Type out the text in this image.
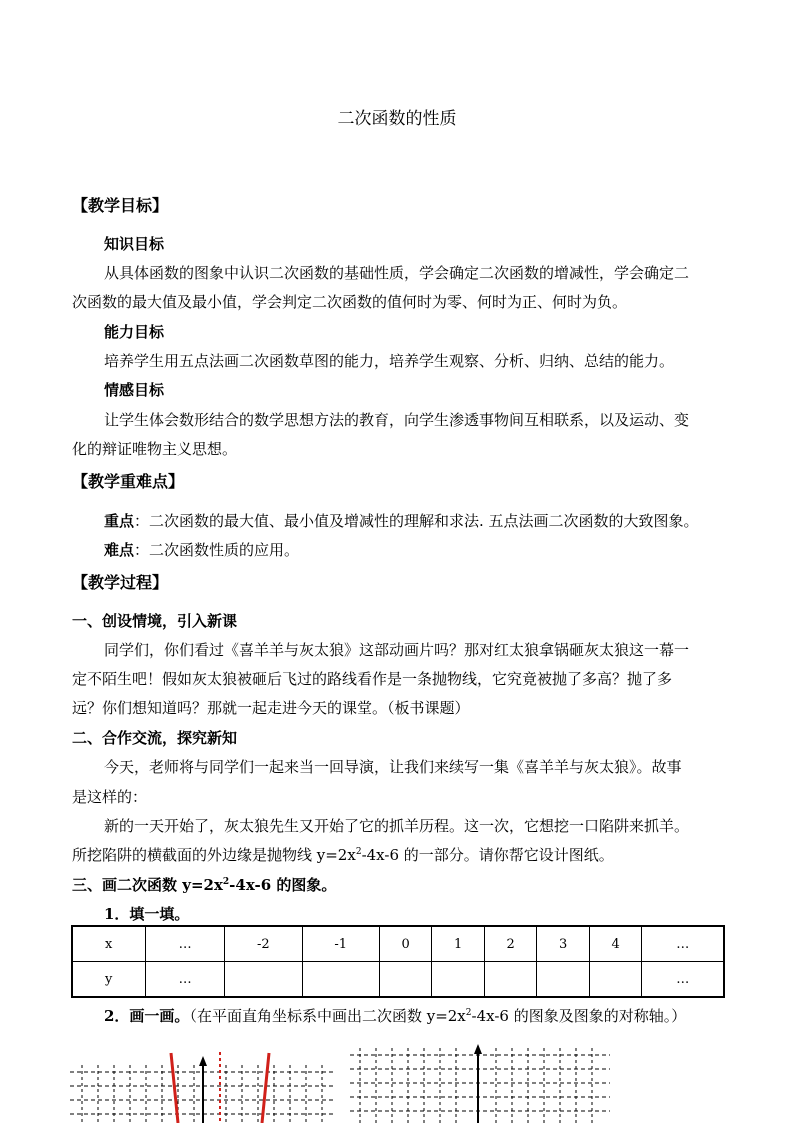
二次函数的性质
【教学目标】
知识目标
从具体函数的图象中认识二次函数的基础性质，学会确定二次函数的增减性，学会确定二
次函数的最大值及最小值，学会判定二次函数的值何时为零、何时为正、何时为负。
能力目标
培养学生用五点法画二次函数草图的能力，培养学生观察、分析、归纳、总结的能力。
情感目标
让学生体会数形结合的数学思想方法的教育，向学生渗透事物间互相联系，以及运动、变
化的辩证唯物主义思想。
【教学重难点】
重点：二次函数的最大值、最小值及增减性的理解和求法. 五点法画二次函数的大致图象。
难点：二次函数性质的应用。
【教学过程】
一、创设情境，引入新课
同学们，你们看过《喜羊羊与灰太狼》这部动画片吗？那对红太狼拿锅砸灰太狼这一幕一
定不陌生吧！假如灰太狼被砸后飞过的路线看作是一条抛物线，它究竟被抛了多高？抛了多
远？你们想知道吗？那就一起走进今天的课堂。（板书课题）
二、合作交流，探究新知
今天，老师将与同学们一起来当一回导演，让我们来续写一集《喜羊羊与灰太狼》。故事
是这样的：
新的一天开始了，灰太狼先生又开始了它的抓羊历程。这一次，它想挖一口陷阱来抓羊。
所挖陷阱的横截面的外边缘是抛物线 $y=2x^2-4x-6$ 的一部分。请你帮它设计图纸。
三、画二次函数 $y=2x^2-4x-6$ 的图象。
1．填一填。
x	…	-2	-1	0	1	2	3	4	…
y	…								…
2．画一画。（在平面直角坐标系中画出二次函数 $y=2x^2-4x-6$ 的图象及图象的对称轴。）
